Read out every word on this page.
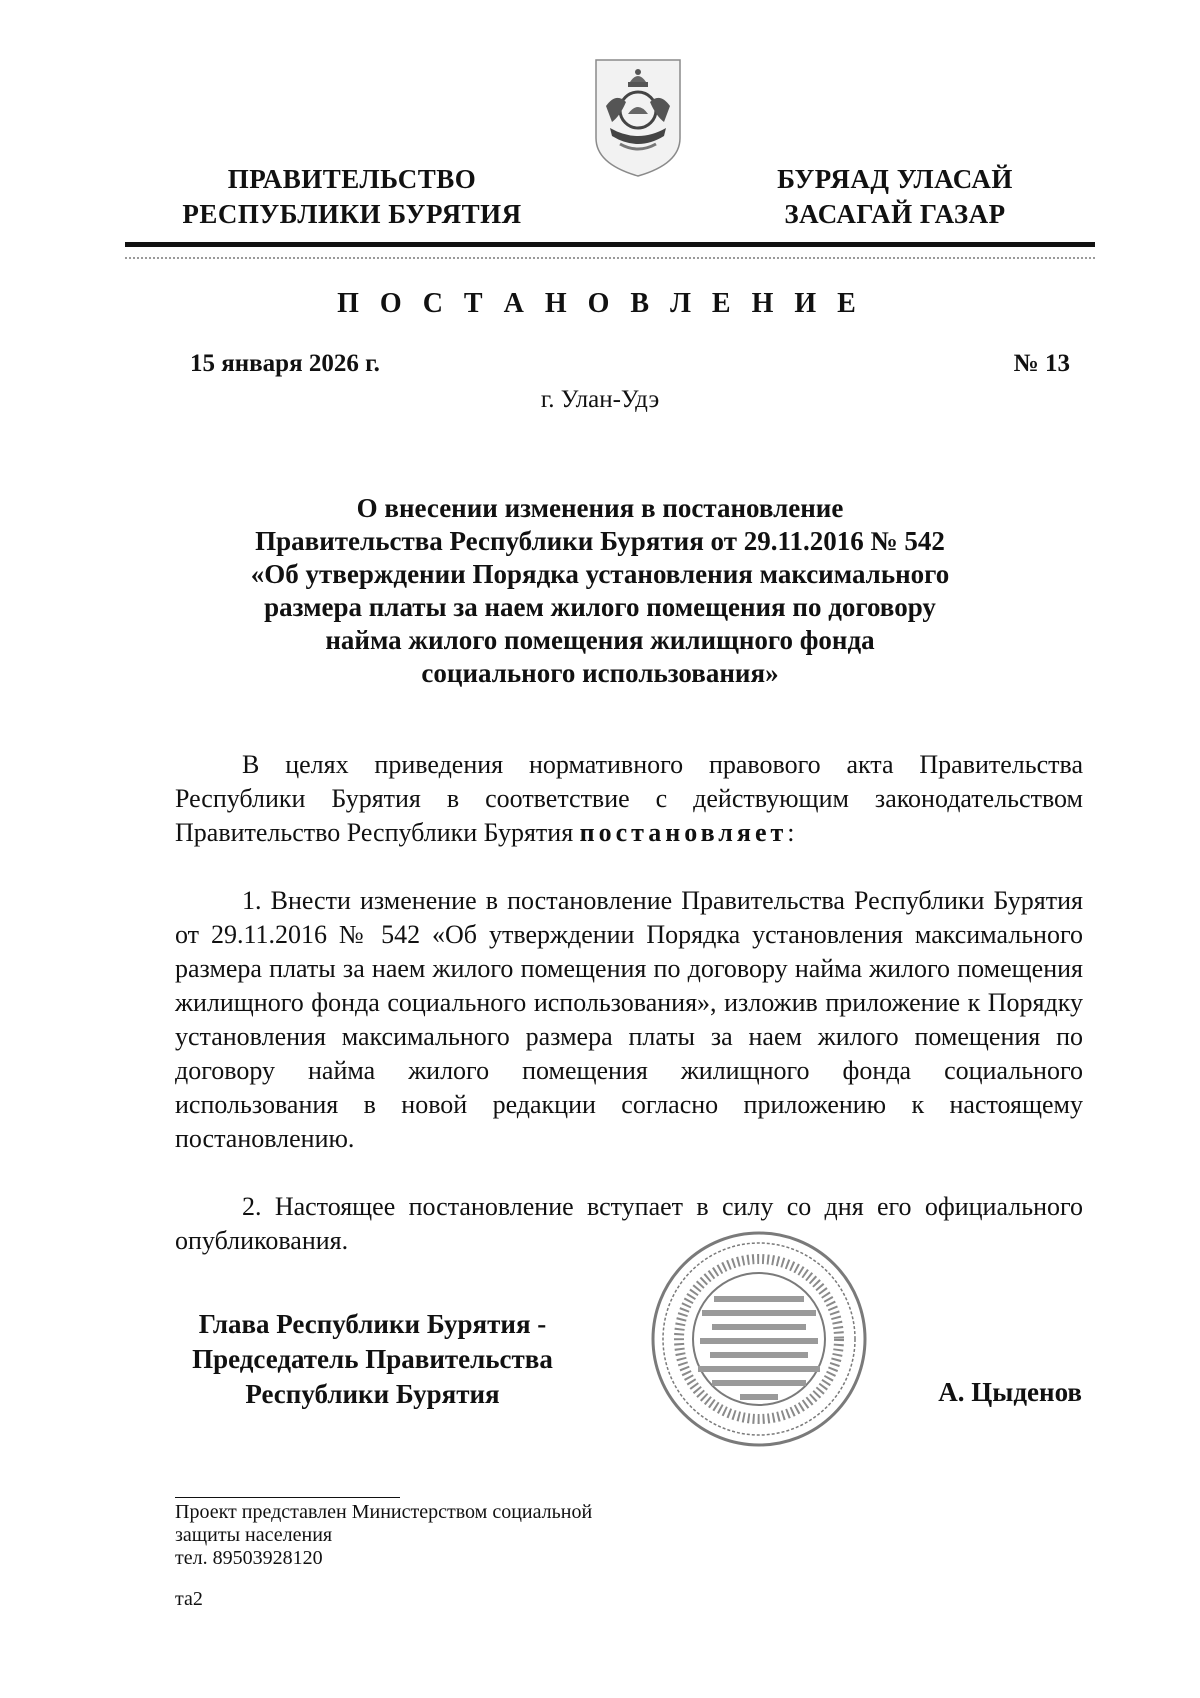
ПРАВИТЕЛЬСТВО
РЕСПУБЛИКИ БУРЯТИЯ
БУРЯАД УЛАСАЙ
ЗАСАГАЙ ГАЗАР
П О С Т А Н О В Л Е Н И Е
15 января 2026 г.	№ 13
г. Улан-Удэ
О внесении изменения в постановление
Правительства Республики Бурятия от 29.11.2016 № 542
«Об утверждении Порядка установления максимального
размера платы за наем жилого помещения по договору
найма жилого помещения жилищного фонда
социального использования»

В целях приведения нормативного правового акта Правительства Республики Бурятия в соответствие с действующим законодательством Правительство Республики Бурятия постановляет:

1. Внести изменение в постановление Правительства Республики Бурятия от 29.11.2016 № 542 «Об утверждении Порядка установления максимального размера платы за наем жилого помещения по договору найма жилого помещения жилищного фонда социального использования», изложив приложение к Порядку установления максимального размера платы за наем жилого помещения по договору найма жилого помещения жилищного фонда социального использования в новой редакции согласно приложению к настоящему постановлению.

2. Настоящее постановление вступает в силу со дня его официального опубликования.

Глава Республики Бурятия -
Председатель Правительства
Республики Бурятия	А. Цыденов
Проект представлен Министерством социальной
защиты населения
тел. 89503928120
та2
